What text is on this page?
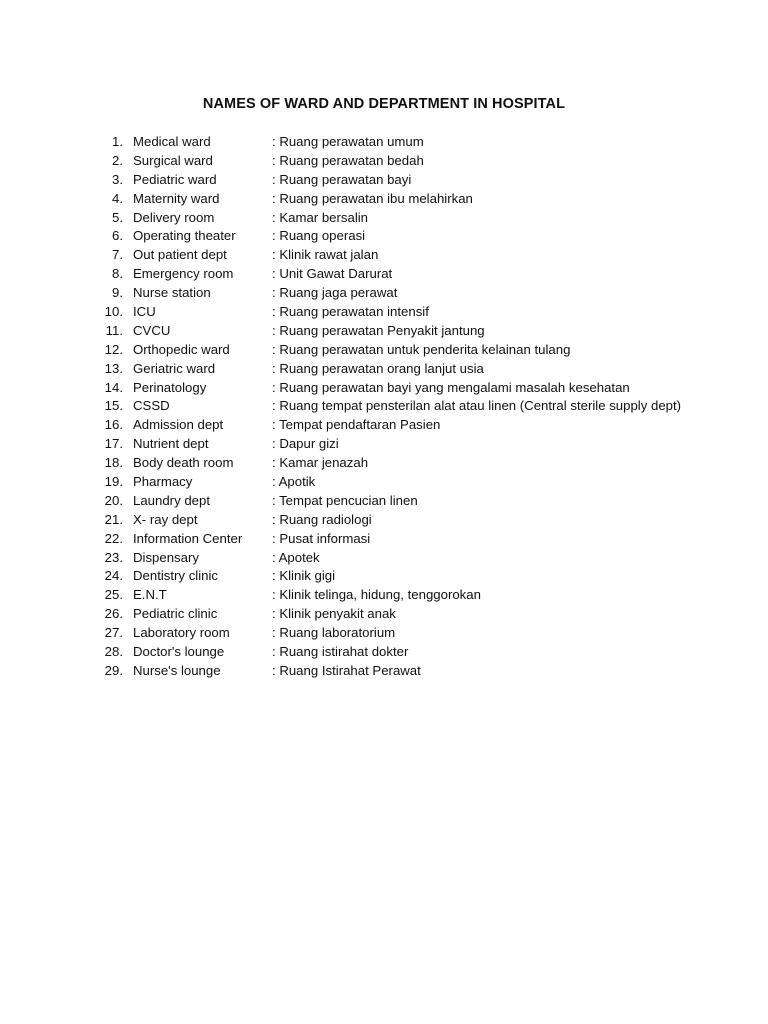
NAMES OF WARD AND DEPARTMENT IN HOSPITAL
1. Medical ward	: Ruang perawatan umum
2. Surgical ward	: Ruang perawatan bedah
3. Pediatric ward	: Ruang perawatan bayi
4. Maternity ward	: Ruang perawatan ibu melahirkan
5. Delivery room	: Kamar bersalin
6. Operating theater	: Ruang operasi
7. Out patient dept	: Klinik rawat jalan
8. Emergency room	: Unit Gawat Darurat
9. Nurse station	: Ruang jaga perawat
10. ICU	: Ruang perawatan intensif
11. CVCU	: Ruang perawatan Penyakit jantung
12. Orthopedic ward	: Ruang perawatan untuk penderita kelainan tulang
13. Geriatric ward	: Ruang perawatan orang lanjut usia
14. Perinatology	: Ruang perawatan bayi yang mengalami masalah kesehatan
15. CSSD	: Ruang tempat pensterilan alat atau linen (Central sterile supply dept)
16. Admission dept	: Tempat pendaftaran Pasien
17. Nutrient dept	: Dapur gizi
18. Body death room	: Kamar jenazah
19. Pharmacy	: Apotik
20. Laundry dept	: Tempat pencucian linen
21. X- ray dept	: Ruang radiologi
22. Information Center : Pusat informasi
23. Dispensary	: Apotek
24. Dentistry clinic	: Klinik gigi
25. E.N.T	: Klinik telinga, hidung, tenggorokan
26. Pediatric clinic	: Klinik penyakit anak
27. Laboratory room	: Ruang laboratorium
28. Doctor's lounge	: Ruang istirahat dokter
29. Nurse's lounge	: Ruang Istirahat Perawat
